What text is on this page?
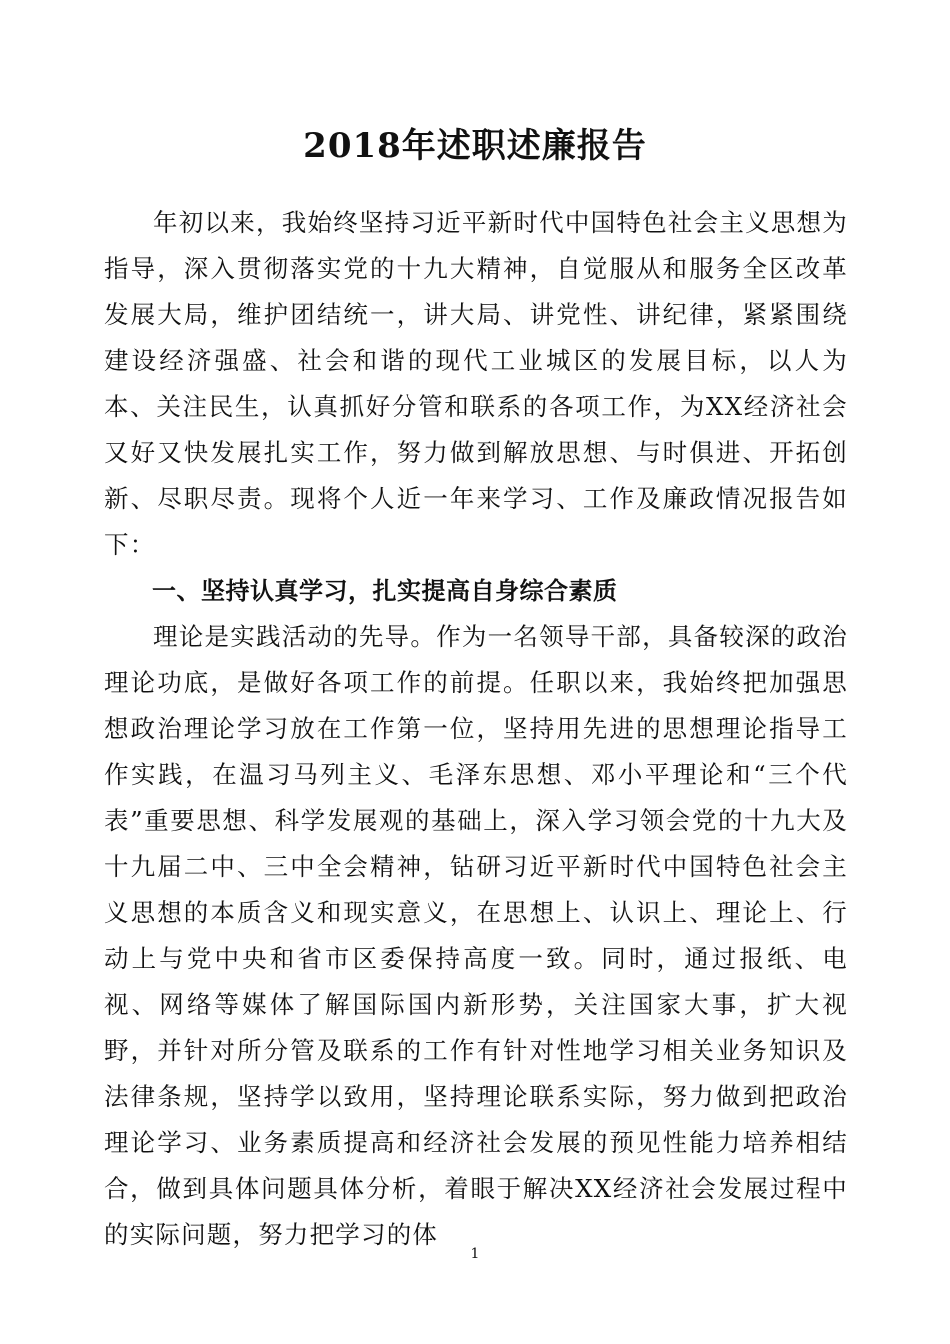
2018年述职述廉报告

年初以来，我始终坚持习近平新时代中国特色社会主义思想为指导，深入贯彻落实党的十九大精神，自觉服从和服务全区改革发展大局，维护团结统一，讲大局、讲党性、讲纪律，紧紧围绕建设经济强盛、社会和谐的现代工业城区的发展目标，以人为本、关注民生，认真抓好分管和联系的各项工作，为XX经济社会又好又快发展扎实工作，努力做到解放思想、与时俱进、开拓创新、尽职尽责。现将个人近一年来学习、工作及廉政情况报告如下：

一、坚持认真学习，扎实提高自身综合素质

理论是实践活动的先导。作为一名领导干部，具备较深的政治理论功底，是做好各项工作的前提。任职以来，我始终把加强思想政治理论学习放在工作第一位，坚持用先进的思想理论指导工作实践，在温习马列主义、毛泽东思想、邓小平理论和“三个代表”重要思想、科学发展观的基础上，深入学习领会党的十九大及十九届二中、三中全会精神，钻研习近平新时代中国特色社会主义思想的本质含义和现实意义，在思想上、认识上、理论上、行动上与党中央和省市区委保持高度一致。同时，通过报纸、电视、网络等媒体了解国际国内新形势，关注国家大事，扩大视野，并针对所分管及联系的工作有针对性地学习相关业务知识及法律条规，坚持学以致用，坚持理论联系实际，努力做到把政治理论学习、业务素质提高和经济社会发展的预见性能力培养相结合，做到具体问题具体分析，着眼于解决XX经济社会发展过程中的实际问题，努力把学习的体

1
